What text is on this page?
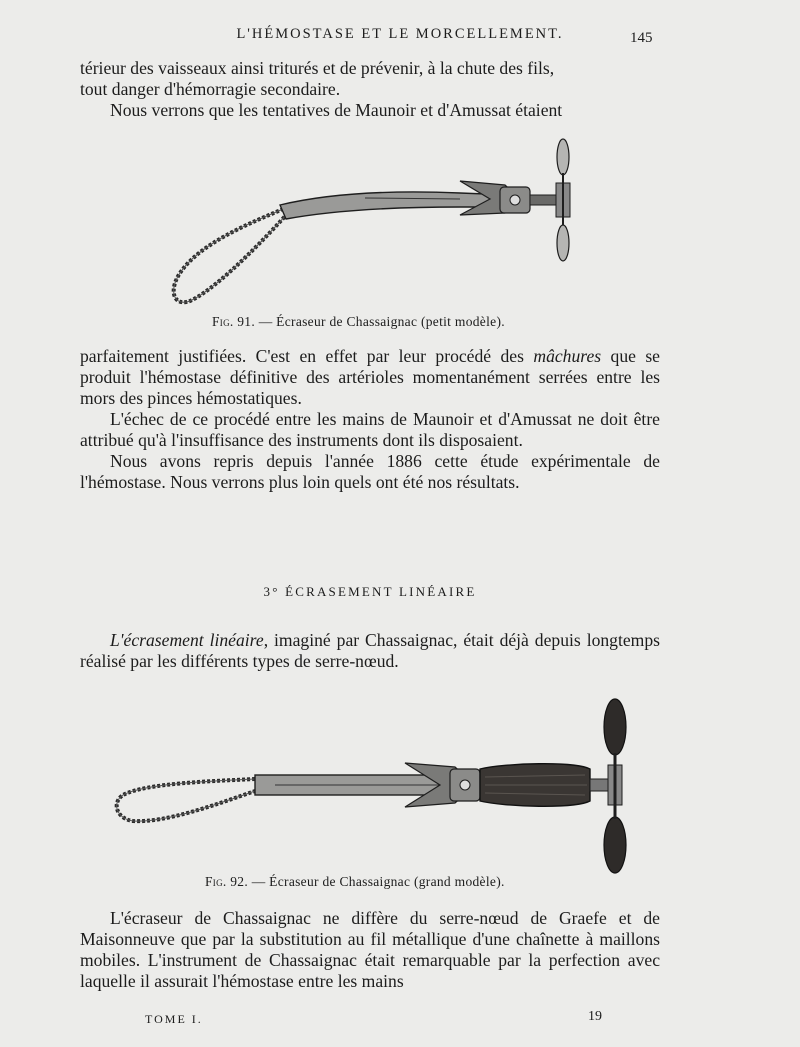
L'HÉMOSTASE ET LE MORCELLEMENT.	145

térieur des vaisseaux ainsi triturés et de prévenir, à la chute des fils,

tout danger d'hémorragie secondaire.

Nous verrons que les tentatives de Maunoir et d'Amussat étaient

Fig. 91. — Écraseur de Chassaignac (petit modèle).

parfaitement justifiées. C'est en effet par leur procédé des mâchures que se produit l'hémostase définitive des artérioles momentanément serrées entre les mors des pinces hémostatiques.

L'échec de ce procédé entre les mains de Maunoir et d'Amussat ne doit être attribué qu'à l'insuffisance des instruments dont ils disposaient.

Nous avons repris depuis l'année 1886 cette étude expérimentale de l'hémostase. Nous verrons plus loin quels ont été nos résultats.

3° ÉCRASEMENT LINÉAIRE

L'écrasement linéaire, imaginé par Chassaignac, était déjà depuis longtemps réalisé par les différents types de serre-nœud.

Fig. 92. — Écraseur de Chassaignac (grand modèle).

L'écraseur de Chassaignac ne diffère du serre-nœud de Graefe et de Maisonneuve que par la substitution au fil métallique d'une chaînette à maillons mobiles. L'instrument de Chassaignac était remarquable par la perfection avec laquelle il assurait l'hémostase entre les mains

TOME I.	19
